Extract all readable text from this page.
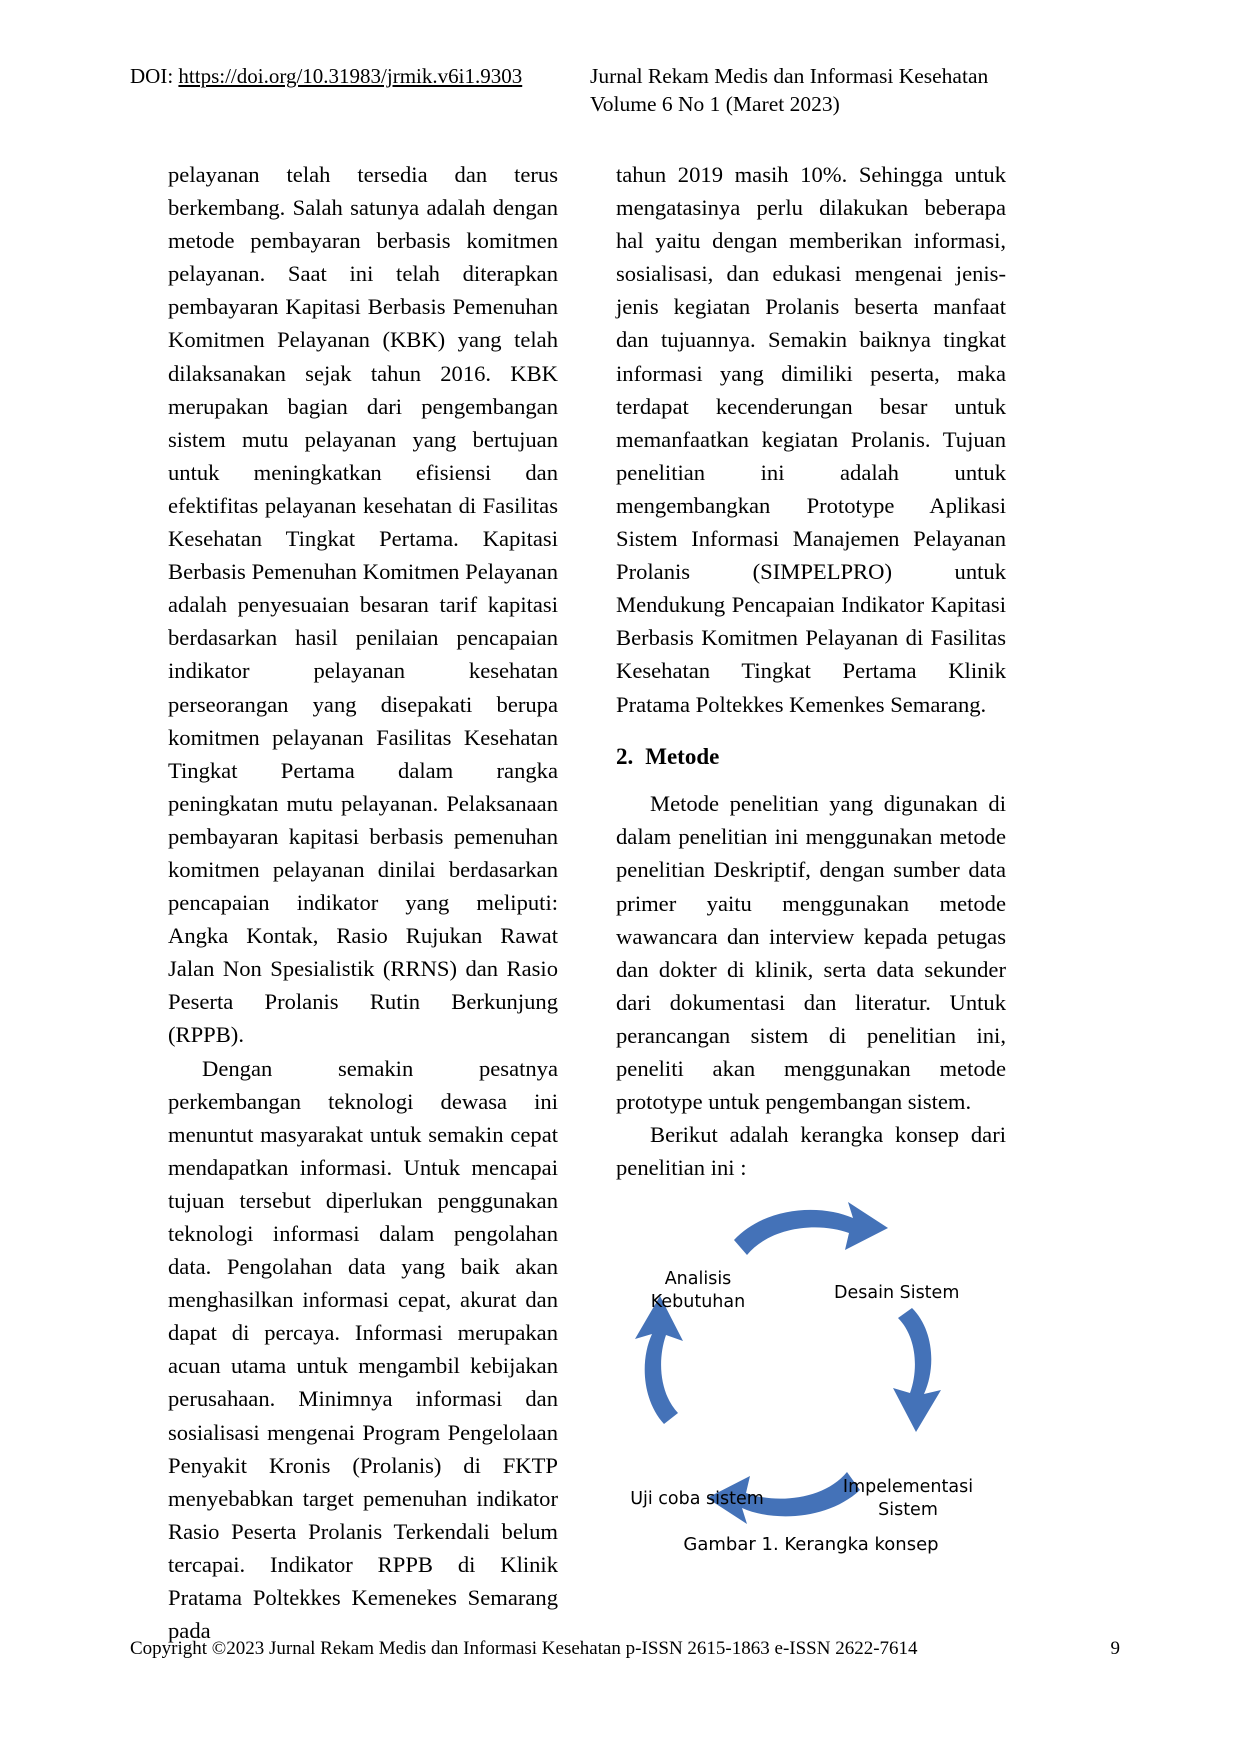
DOI: https://doi.org/10.31983/jrmik.v6i1.9303	Jurnal Rekam Medis dan Informasi Kesehatan
Volume 6 No 1 (Maret 2023)

pelayanan telah tersedia dan terus berkembang. Salah satunya adalah dengan metode pembayaran berbasis komitmen pelayanan. Saat ini telah diterapkan pembayaran Kapitasi Berbasis Pemenuhan Komitmen Pelayanan (KBK) yang telah dilaksanakan sejak tahun 2016. KBK merupakan bagian dari pengembangan sistem mutu pelayanan yang bertujuan untuk meningkatkan efisiensi dan efektifitas pelayanan kesehatan di Fasilitas Kesehatan Tingkat Pertama. Kapitasi Berbasis Pemenuhan Komitmen Pelayanan adalah penyesuaian besaran tarif kapitasi berdasarkan hasil penilaian pencapaian indikator pelayanan kesehatan perseorangan yang disepakati berupa komitmen pelayanan Fasilitas Kesehatan Tingkat Pertama dalam rangka peningkatan mutu pelayanan. Pelaksanaan pembayaran kapitasi berbasis pemenuhan komitmen pelayanan dinilai berdasarkan pencapaian indikator yang meliputi: Angka Kontak, Rasio Rujukan Rawat Jalan Non Spesialistik (RRNS) dan Rasio Peserta Prolanis Rutin Berkunjung (RPPB).

Dengan semakin pesatnya perkembangan teknologi dewasa ini menuntut masyarakat untuk semakin cepat mendapatkan informasi. Untuk mencapai tujuan tersebut diperlukan penggunakan teknologi informasi dalam pengolahan data. Pengolahan data yang baik akan menghasilkan informasi cepat, akurat dan dapat di percaya. Informasi merupakan acuan utama untuk mengambil kebijakan perusahaan. Minimnya informasi dan sosialisasi mengenai Program Pengelolaan Penyakit Kronis (Prolanis) di FKTP menyebabkan target pemenuhan indikator Rasio Peserta Prolanis Terkendali belum tercapai. Indikator RPPB di Klinik Pratama Poltekkes Kemenekes Semarang pada

tahun 2019 masih 10%. Sehingga untuk mengatasinya perlu dilakukan beberapa hal yaitu dengan memberikan informasi, sosialisasi, dan edukasi mengenai jenis-jenis kegiatan Prolanis beserta manfaat dan tujuannya. Semakin baiknya tingkat informasi yang dimiliki peserta, maka terdapat kecenderungan besar untuk memanfaatkan kegiatan Prolanis. Tujuan penelitian ini adalah untuk mengembangkan Prototype Aplikasi Sistem Informasi Manajemen Pelayanan Prolanis (SIMPELPRO) untuk Mendukung Pencapaian Indikator Kapitasi Berbasis Komitmen Pelayanan di Fasilitas Kesehatan Tingkat Pertama Klinik Pratama Poltekkes Kemenkes Semarang.

2. Metode

Metode penelitian yang digunakan di dalam penelitian ini menggunakan metode penelitian Deskriptif, dengan sumber data primer yaitu menggunakan metode wawancara dan interview kepada petugas dan dokter di klinik, serta data sekunder dari dokumentasi dan literatur. Untuk perancangan sistem di penelitian ini, peneliti akan menggunakan metode prototype untuk pengembangan sistem.

Berikut adalah kerangka konsep dari penelitian ini :

Analisis
Kebutuhan	Desain Sistem
Impelementasi
Sistem
Uji coba sistem
Gambar 1. Kerangka konsep
Copyright ©2023 Jurnal Rekam Medis dan Informasi Kesehatan p-ISSN 2615-1863 e-ISSN 2622-7614	9
